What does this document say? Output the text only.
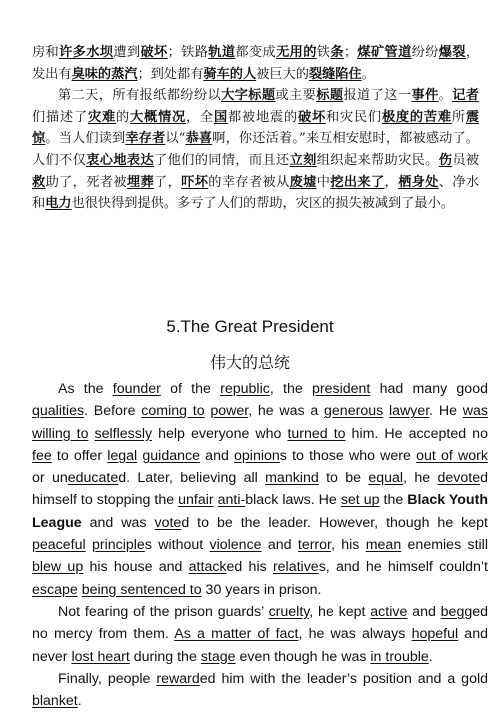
房和许多水坝遭到破坏；铁路轨道都变成无用的铁条；煤矿管道纷纷爆裂，发出有臭味的蒸汽；到处都有骑车的人被巨大的裂缝陷住。

第二天，所有报纸都纷纷以大字标题或主要标题报道了这一事件。记者们描述了灾难的大概情况，全国都被地震的破坏和灾民们极度的苦难所震惊。当人们读到幸存者以“恭喜啊，你还活着。”来互相安慰时，都被感动了。人们不仅衷心地表达了他们的同情，而且还立刻组织起来帮助灾民。伤员被救助了，死者被埋葬了，吓坏的幸存者被从废墟中挖出来了，栖身处、净水和电力也很快得到提供。多亏了人们的帮助，灾区的损失被减到了最小。

5.The Great President
伟大的总统

As the founder of the republic, the president had many good qualities. Before coming to power, he was a generous lawyer. He was willing to selflessly help everyone who turned to him. He accepted no fee to offer legal guidance and opinions to those who were out of work or uneducated. Later, believing all mankind to be equal, he devoted himself to stopping the unfair anti-black laws. He set up the Black Youth League and was voted to be the leader. However, though he kept peaceful principles without violence and terror, his mean enemies still blew up his house and attacked his relatives, and he himself couldn’t escape being sentenced to 30 years in prison.

Not fearing of the prison guards’ cruelty, he kept active and begged no mercy from them. As a matter of fact, he was always hopeful and never lost heart during the stage even though he was in trouble.

Finally, people rewarded him with the leader’s position and a gold blanket.
